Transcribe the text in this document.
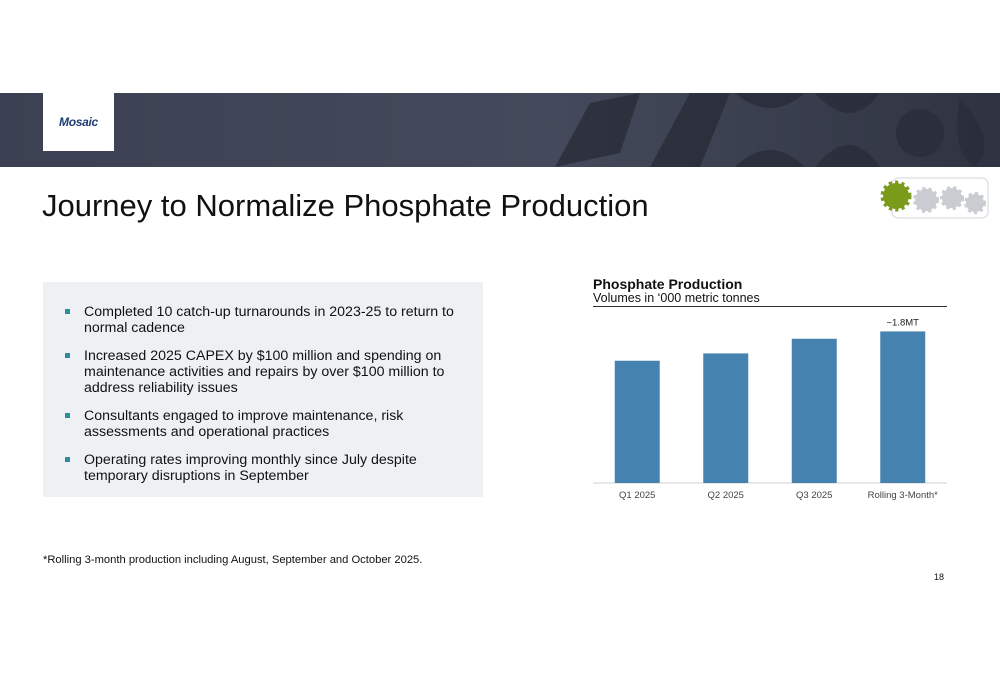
Mosaic
Journey to Normalize Phosphate Production
Completed 10 catch-up turnarounds in 2023-25 to return to normal cadence
Increased 2025 CAPEX by $100 million and spending on maintenance activities and repairs by over $100 million to address reliability issues
Consultants engaged to improve maintenance, risk assessments and operational practices
Operating rates improving monthly since July despite temporary disruptions in September
Phosphate Production
Volumes in ‘000 metric tonnes
Q1 2025	Q2 2025	Q3 2025	Rolling 3-Month*
~1.8MT
*Rolling 3-month production including August, September and October 2025.
18
